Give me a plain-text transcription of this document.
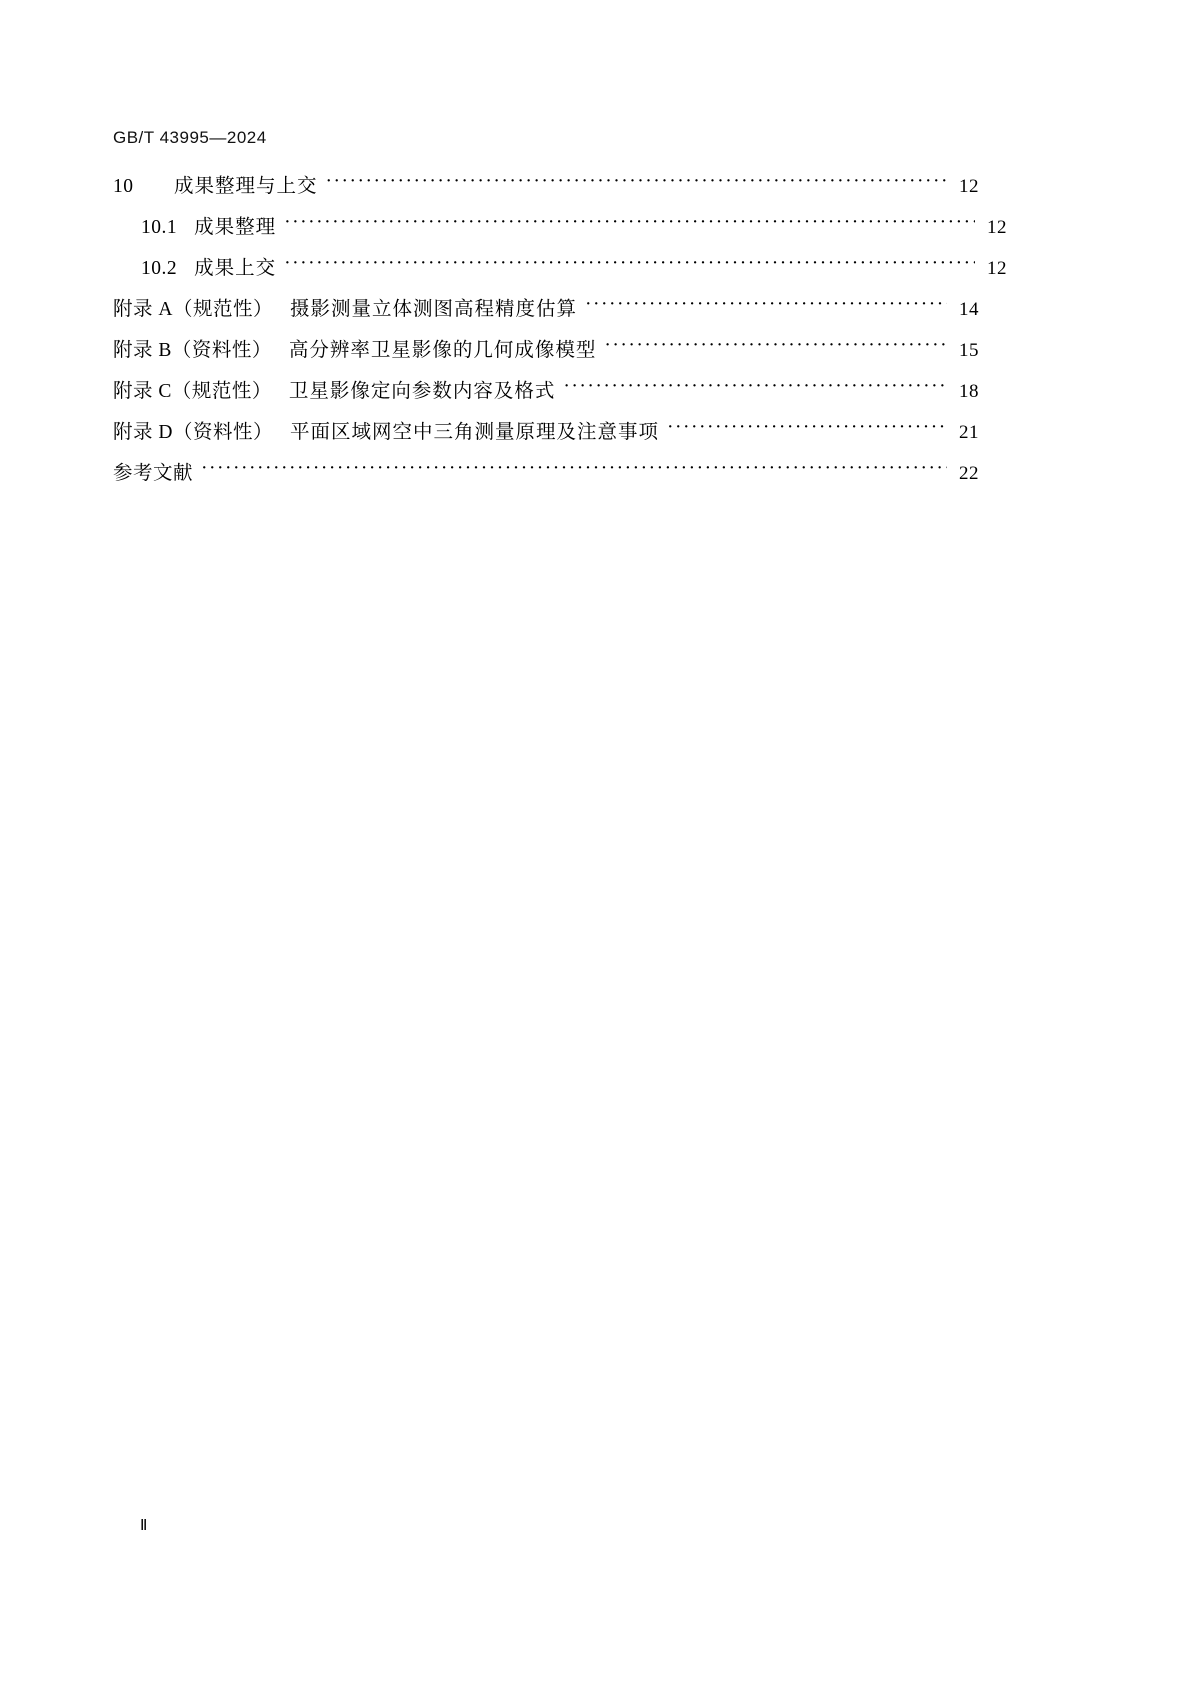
GB/T 43995—2024
10	成果整理与上交 ·····	12
10.1 成果整理 ·····	12
10.2 成果上交 ·····	12
附录 A（规范性） 摄影测量立体测图高程精度估算 ·····	14
附录 B（资料性） 高分辨率卫星影像的几何成像模型 ·····	15
附录 C（规范性） 卫星影像定向参数内容及格式 ·····	18
附录 D（资料性） 平面区域网空中三角测量原理及注意事项 ·····	21
参考文献 ·····	22
Ⅱ
